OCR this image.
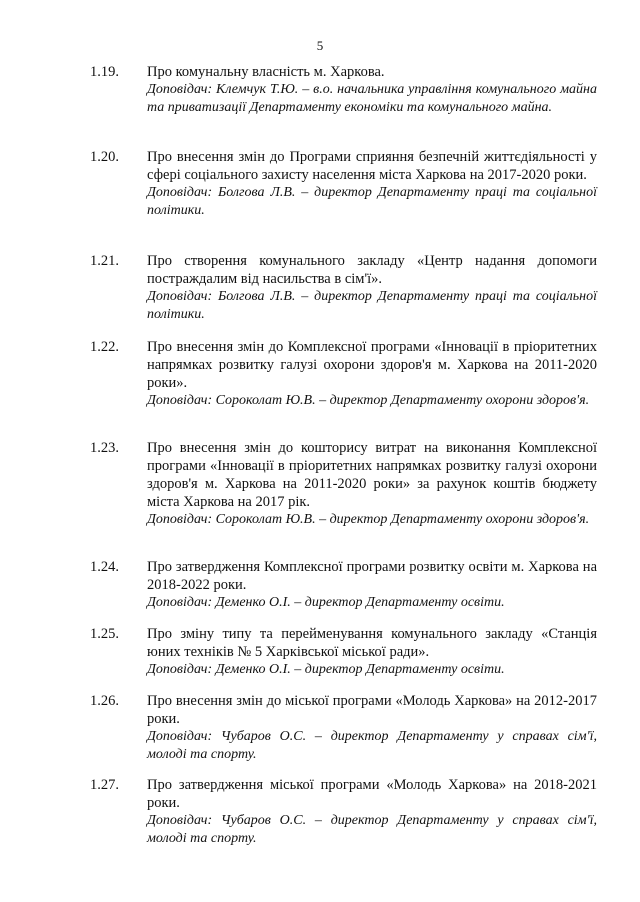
5
1.19. Про комунальну власність м. Харкова.
Доповідач: Клемчук Т.Ю. – в.о. начальника управління комунального майна та приватизації Департаменту економіки та комунального майна.
1.20. Про внесення змін до Програми сприяння безпечній життєдіяльності у сфері соціального захисту населення міста Харкова на 2017-2020 роки.
Доповідач: Болгова Л.В. – директор Департаменту праці та соціальної політики.
1.21. Про створення комунального закладу «Центр надання допомоги постраждалим від насильства в сім'ї».
Доповідач: Болгова Л.В. – директор Департаменту праці та соціальної політики.
1.22. Про внесення змін до Комплексної програми «Інновації в пріоритетних напрямках розвитку галузі охорони здоров'я м. Харкова на 2011-2020 роки».
Доповідач: Сороколат Ю.В. – директор Департаменту охорони здоров'я.
1.23. Про внесення змін до кошторису витрат на виконання Комплексної програми «Інновації в пріоритетних напрямках розвитку галузі охорони здоров'я м. Харкова на 2011-2020 роки» за рахунок коштів бюджету міста Харкова на 2017 рік.
Доповідач: Сороколат Ю.В. – директор Департаменту охорони здоров'я.
1.24. Про затвердження Комплексної програми розвитку освіти м. Харкова на 2018-2022 роки.
Доповідач: Деменко О.І. – директор Департаменту освіти.
1.25. Про зміну типу та перейменування комунального закладу «Станція юних техніків № 5 Харківської міської ради».
Доповідач: Деменко О.І. – директор Департаменту освіти.
1.26. Про внесення змін до міської програми «Молодь Харкова» на 2012-2017 роки.
Доповідач: Чубаров О.С. – директор Департаменту у справах сім'ї, молоді та спорту.
1.27. Про затвердження міської програми «Молодь Харкова» на 2018-2021 роки.
Доповідач: Чубаров О.С. – директор Департаменту у справах сім'ї, молоді та спорту.
